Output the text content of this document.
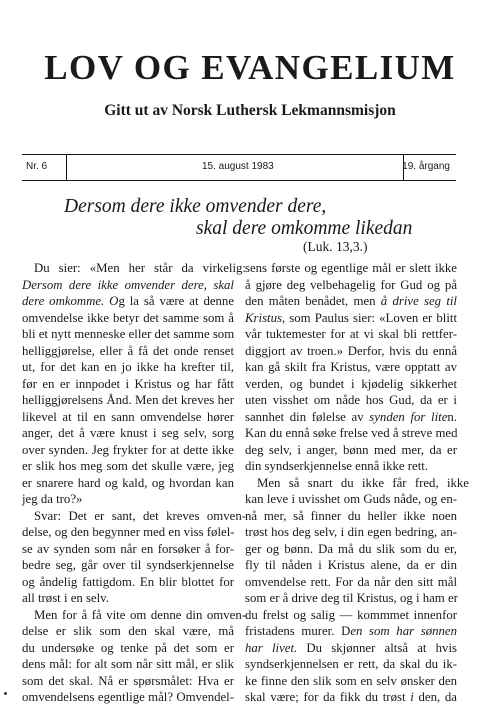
LOV OG EVANGELIUM
Gitt ut av Norsk Luthersk Lekmannsmisjon
Nr. 6	15. august 1983	19. årgang
Dersom dere ikke omvender dere,
skal dere omkomme likedan
(Luk. 13,3.)
Du sier: «Men her står da virkelig:
Dersom dere ikke omvender dere, skal
dere omkomme. Og la så være at denne
omvendelse ikke betyr det samme som å
bli et nytt menneske eller det samme som
helliggjørelse, eller å få det onde renset
ut, for det kan en jo ikke ha krefter til,
før en er innpodet i Kristus og har fått
helliggjørelsens Ånd. Men det kreves her
likevel at til en sann omvendelse hører
anger, det å være knust i seg selv, sorg
over synden. Jeg frykter for at dette ikke
er slik hos meg som det skulle være, jeg
er snarere hard og kald, og hvordan kan
jeg da tro?»
Svar: Det er sant, det kreves omven-
delse, og den begynner med en viss følel-
se av synden som når en forsøker å for-
bedre seg, går over til syndserkjennelse
og åndelig fattigdom. En blir blottet for
all trøst i en selv.
Men for å få vite om denne din omven-
delse er slik som den skal være, må
du undersøke og tenke på det som er
dens mål: for alt som når sitt mål, er slik
som det skal. Nå er spørsmålet: Hva er
omvendelsens egentlige mål? Omvendel-
sens første og egentlige mål er slett ikke
å gjøre deg velbehagelig for Gud og på
den måten benådet, men å drive seg til
Kristus, som Paulus sier: «Loven er blitt
vår tuktemester for at vi skal bli rettfer-
diggjort av troen.» Derfor, hvis du ennå
kan gå skilt fra Kristus, være opptatt av
verden, og bundet i kjødelig sikkerhet
uten visshet om nåde hos Gud, da er i
sannhet din følelse av synden for liten.
Kan du ennå søke frelse ved å streve med
deg selv, i anger, bønn med mer, da er
din syndserkjennelse ennå ikke rett.
Men så snart du ikke får fred, ikke
kan leve i uvisshet om Guds nåde, og en-
nå mer, så finner du heller ikke noen
trøst hos deg selv, i din egen bedring, an-
ger og bønn. Da må du slik som du er,
fly til nåden i Kristus alene, da er din
omvendelse rett. For da når den sitt mål
som er å drive deg til Kristus, og i ham er
du frelst og salig — kommmet innenfor
fristadens murer. Den som har sønnen
har livet. Du skjønner altså at hvis
syndserkjennelsen er rett, da skal du ik-
ke finne den slik som en selv ønsker den
skal være; for da fikk du trøst i den, da
